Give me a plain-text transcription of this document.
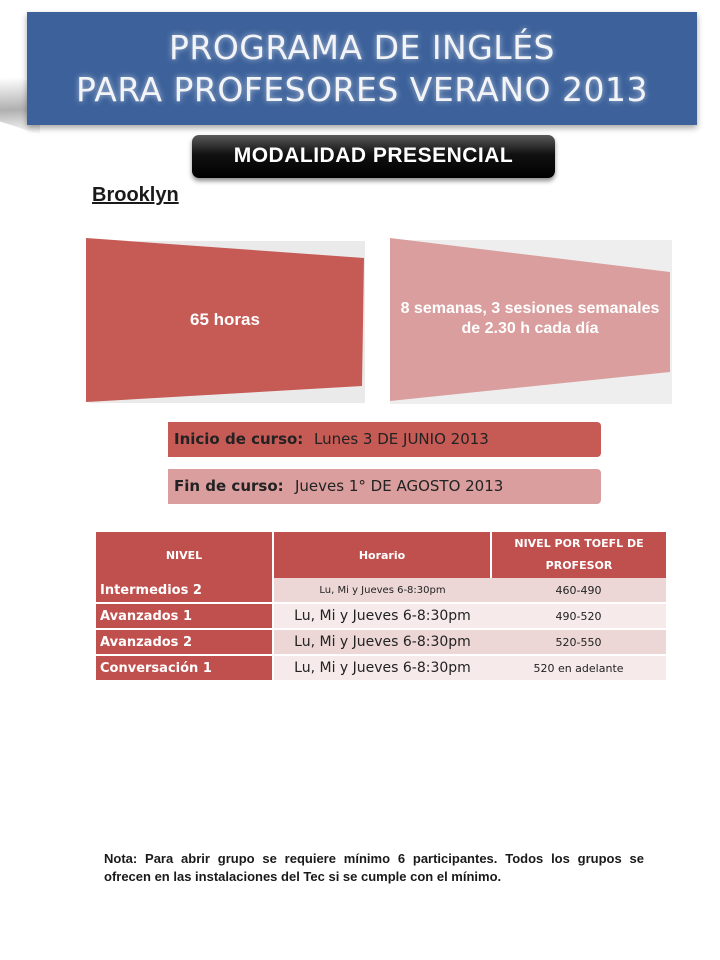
PROGRAMA DE INGLÉS
PARA PROFESORES VERANO 2013
MODALIDAD PRESENCIAL
Brooklyn
65 horas
8 semanas, 3 sesiones semanales de 2.30 h cada día
Inicio de curso: Lunes 3 DE JUNIO 2013
Fin de curso: Jueves 1° DE AGOSTO 2013
NIVEL	Horario	NIVEL POR TOEFL DE PROFESOR
Intermedios 2	Lu, Mi y Jueves 6-8:30pm	460-490
Avanzados 1	Lu, Mi y Jueves 6-8:30pm	490-520
Avanzados 2	Lu, Mi y Jueves 6-8:30pm	520-550
Conversación 1	Lu, Mi y Jueves 6-8:30pm	520 en adelante
Nota: Para abrir grupo se requiere mínimo 6 participantes. Todos los grupos se ofrecen en las instalaciones del Tec si se cumple con el mínimo.
